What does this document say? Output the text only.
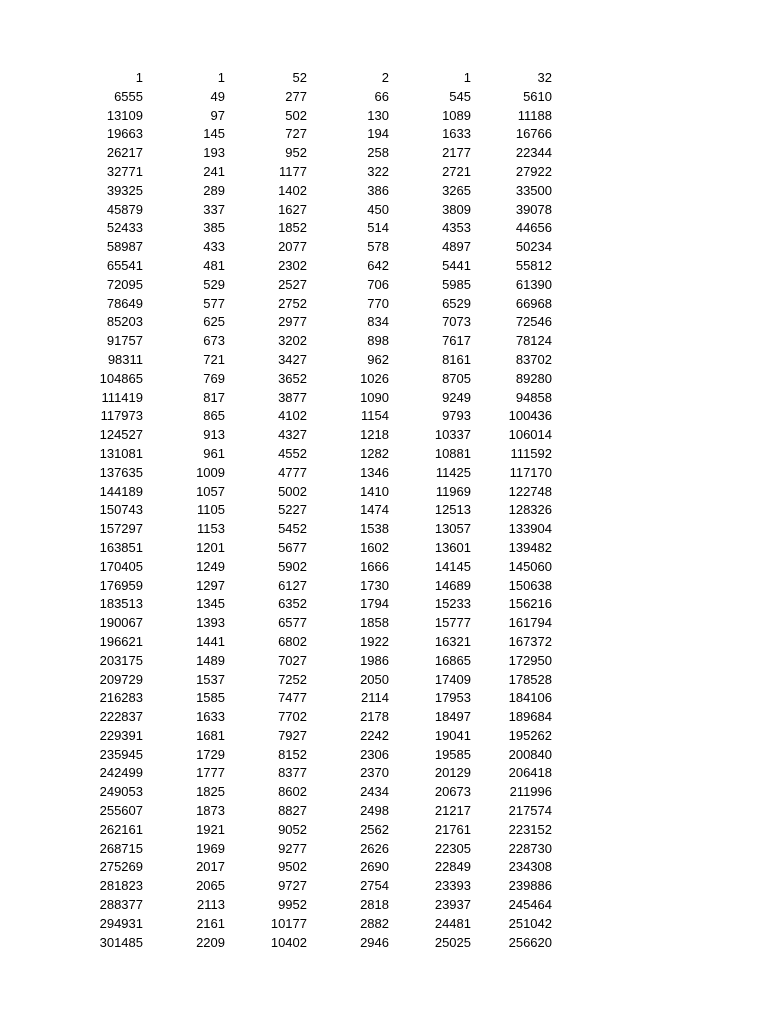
1	1	52	2	1	32
6555	49	277	66	545	5610
13109	97	502	130	1089	11188
19663	145	727	194	1633	16766
26217	193	952	258	2177	22344
32771	241	1177	322	2721	27922
39325	289	1402	386	3265	33500
45879	337	1627	450	3809	39078
52433	385	1852	514	4353	44656
58987	433	2077	578	4897	50234
65541	481	2302	642	5441	55812
72095	529	2527	706	5985	61390
78649	577	2752	770	6529	66968
85203	625	2977	834	7073	72546
91757	673	3202	898	7617	78124
98311	721	3427	962	8161	83702
104865	769	3652	1026	8705	89280
111419	817	3877	1090	9249	94858
117973	865	4102	1154	9793	100436
124527	913	4327	1218	10337	106014
131081	961	4552	1282	10881	111592
137635	1009	4777	1346	11425	117170
144189	1057	5002	1410	11969	122748
150743	1105	5227	1474	12513	128326
157297	1153	5452	1538	13057	133904
163851	1201	5677	1602	13601	139482
170405	1249	5902	1666	14145	145060
176959	1297	6127	1730	14689	150638
183513	1345	6352	1794	15233	156216
190067	1393	6577	1858	15777	161794
196621	1441	6802	1922	16321	167372
203175	1489	7027	1986	16865	172950
209729	1537	7252	2050	17409	178528
216283	1585	7477	2114	17953	184106
222837	1633	7702	2178	18497	189684
229391	1681	7927	2242	19041	195262
235945	1729	8152	2306	19585	200840
242499	1777	8377	2370	20129	206418
249053	1825	8602	2434	20673	211996
255607	1873	8827	2498	21217	217574
262161	1921	9052	2562	21761	223152
268715	1969	9277	2626	22305	228730
275269	2017	9502	2690	22849	234308
281823	2065	9727	2754	23393	239886
288377	2113	9952	2818	23937	245464
294931	2161	10177	2882	24481	251042
301485	2209	10402	2946	25025	256620
